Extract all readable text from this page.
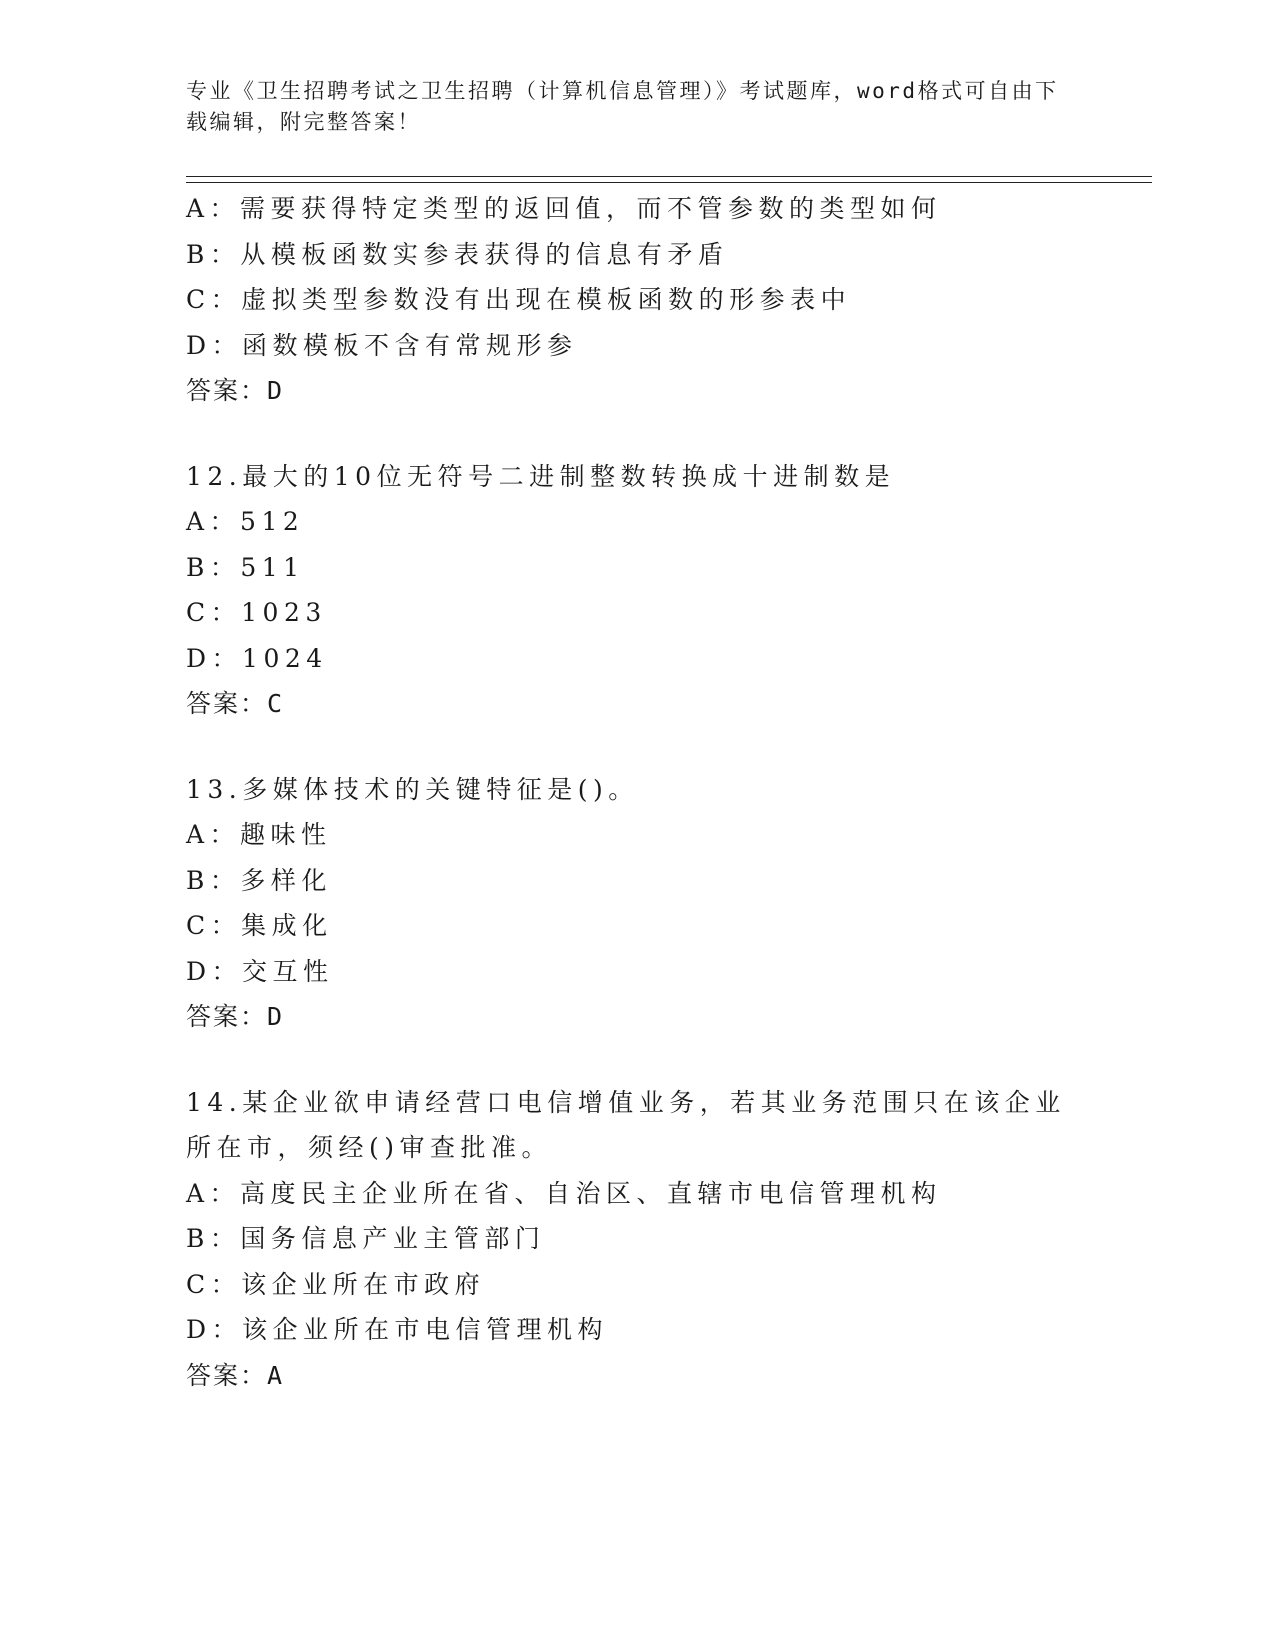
专业《卫生招聘考试之卫生招聘（计算机信息管理）》考试题库，word格式可自由下载编辑，附完整答案！
A：需要获得特定类型的返回值，而不管参数的类型如何
B：从模板函数实参表获得的信息有矛盾
C：虚拟类型参数没有出现在模板函数的形参表中
D：函数模板不含有常规形参
答案：D
12.最大的10位无符号二进制整数转换成十进制数是
A：512
B：511
C：1023
D：1024
答案：C
13.多媒体技术的关键特征是()。
A：趣味性
B：多样化
C：集成化
D：交互性
答案：D
14.某企业欲申请经营口电信增值业务，若其业务范围只在该企业所在市，须经()审查批准。
A：高度民主企业所在省、自治区、直辖市电信管理机构
B：国务信息产业主管部门
C：该企业所在市政府
D：该企业所在市电信管理机构
答案：A
